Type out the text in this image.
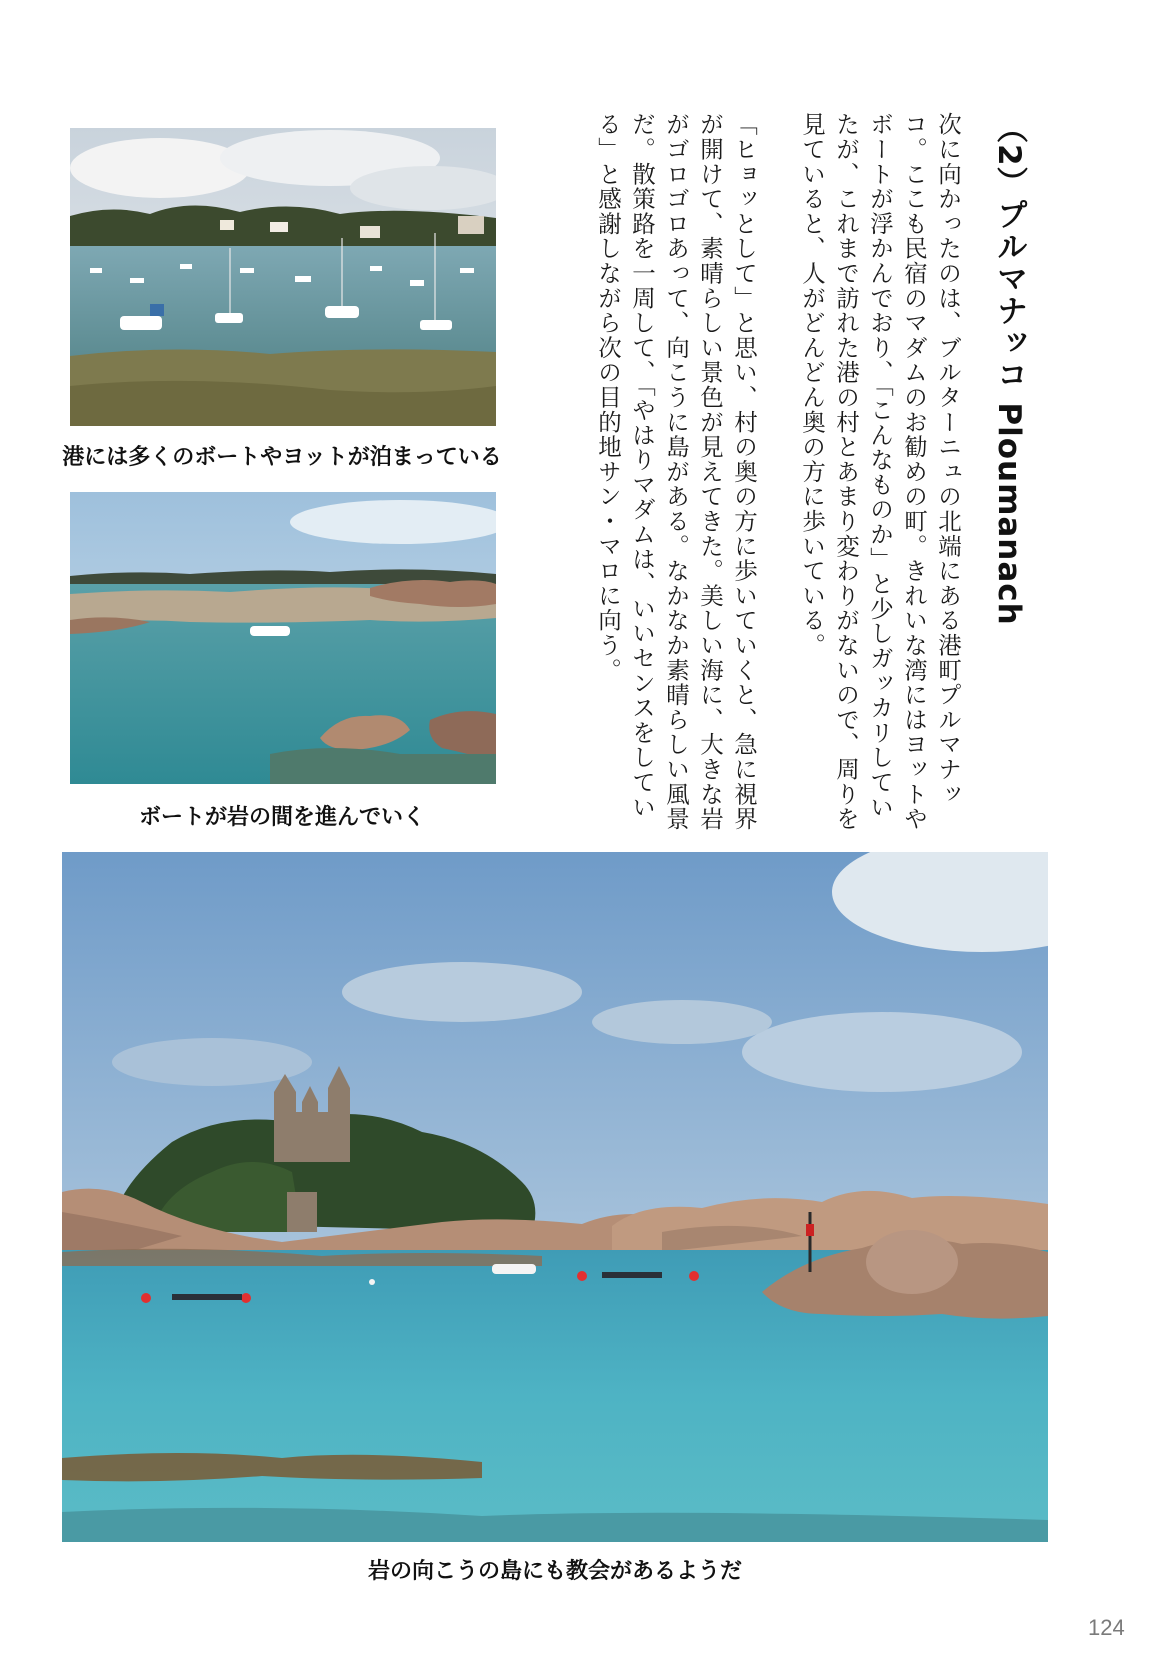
（2）プルマナッコ Ploumanach

次に向かったのは、ブルターニュの北端にある港町プルマナッコ。ここも民宿のマダムのお勧めの町。きれいな湾にはヨットやボートが浮かんでおり、「こんなものか」と少しガッカリしていたが、これまで訪れた港の村とあまり変わりがないので、周りを見ていると、人がどんどん奥の方に歩いている。

「ヒョッとして」と思い、村の奥の方に歩いていくと、急に視界が開けて、素晴らしい景色が見えてきた。美しい海に、大きな岩がゴロゴロあって、向こうに島がある。なかなか素晴らしい風景だ。散策路を一周して、「やはりマダムは、いいセンスをしている」と感謝しながら次の目的地サン・マロに向う。

港には多くのボートやヨットが泊まっている
ボートが岩の間を進んでいく
岩の向こうの島にも教会があるようだ
124
